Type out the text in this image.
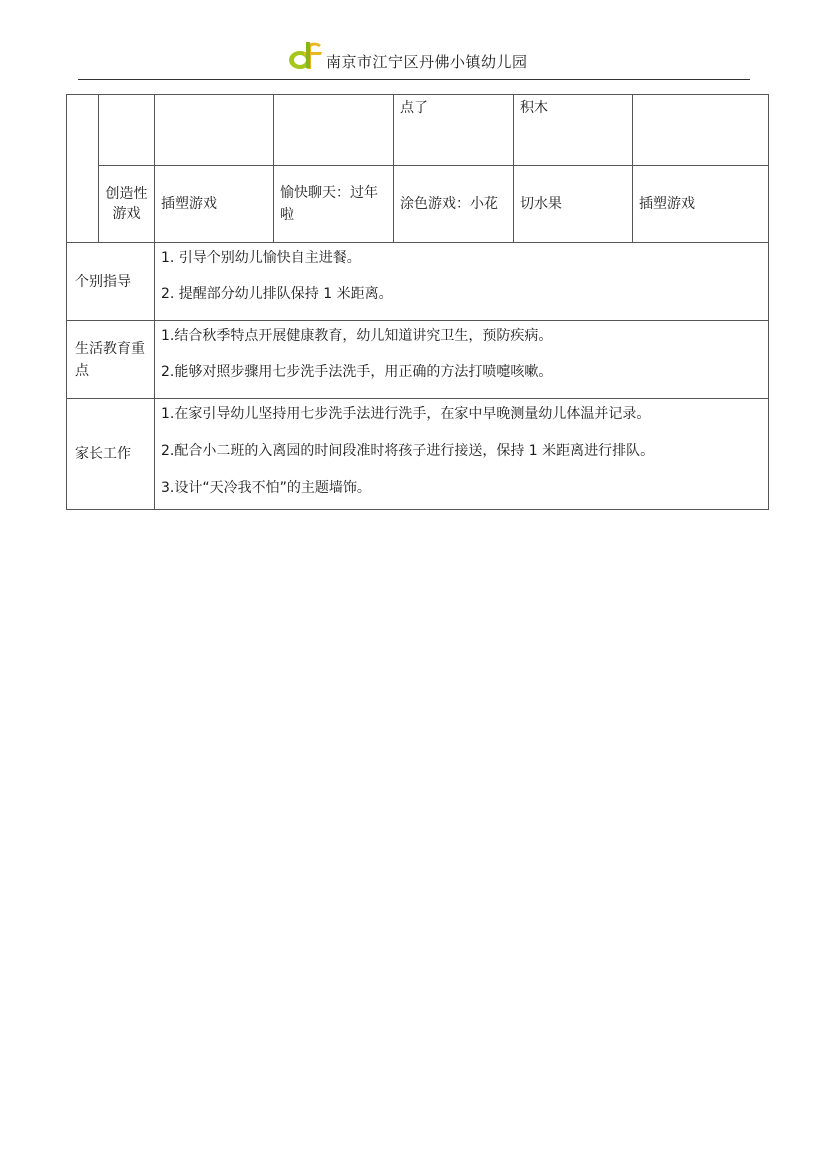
南京市江宁区丹佛小镇幼儿园

				点了	积木	

	创造性游戏	插塑游戏	愉快聊天：过年啦	涂色游戏：小花	切水果	插塑游戏

个别指导		1. 引导个别幼儿愉快自主进餐。

2. 提醒部分幼儿排队保持 1 米距离。				

生活教育重 点		1.结合秋季特点开展健康教育，幼儿知道讲究卫生，预防疾病。

2.能够对照步骤用七步洗手法洗手，用正确的方法打喷嚏咳嗽。				

家长工作		1.在家引导幼儿坚持用七步洗手法进行洗手，在家中早晚测量幼儿体温并记录。

2.配合小二班的入离园的时间段准时将孩子进行接送，保持 1 米距离进行排队。

3.设计“天冷我不怕”的主题墙饰。				
